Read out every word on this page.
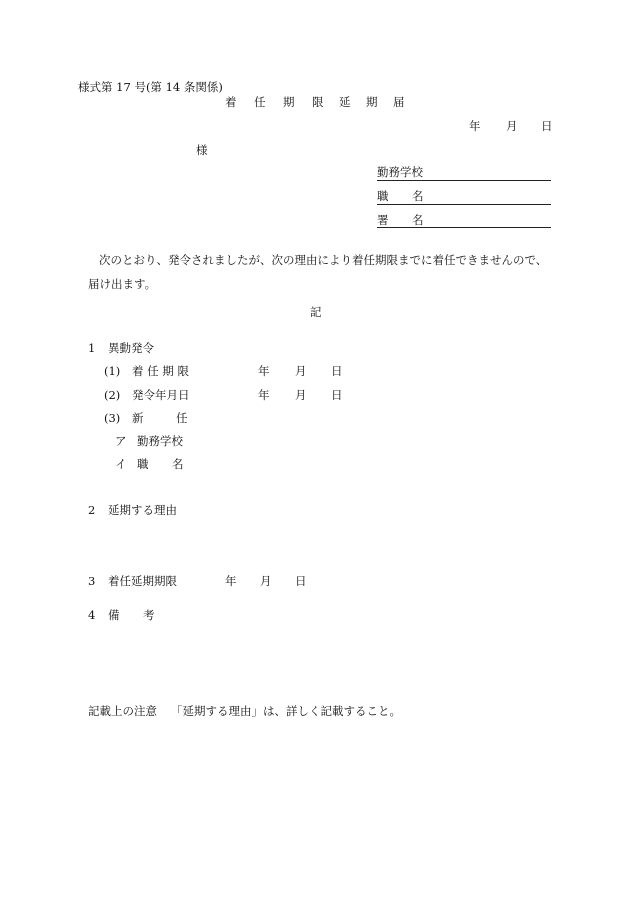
様式第 17 号(第 14 条関係)
着 任 期 限 延 期 届
年 月 日
様
勤務学校
職 名
署 名
次のとおり、発令されましたが、次の理由により着任期限までに着任できませんので、
届け出ます。
記
1 異動発令
(1) 着 任 期 限	年 月 日
(2) 発令年月日	年 月 日
(3) 新	任
ア 勤務学校
イ 職 名
2 延期する理由
3 着任延期期限	年 月 日
4 備 考
記載上の注意 「延期する理由」は、詳しく記載すること。
